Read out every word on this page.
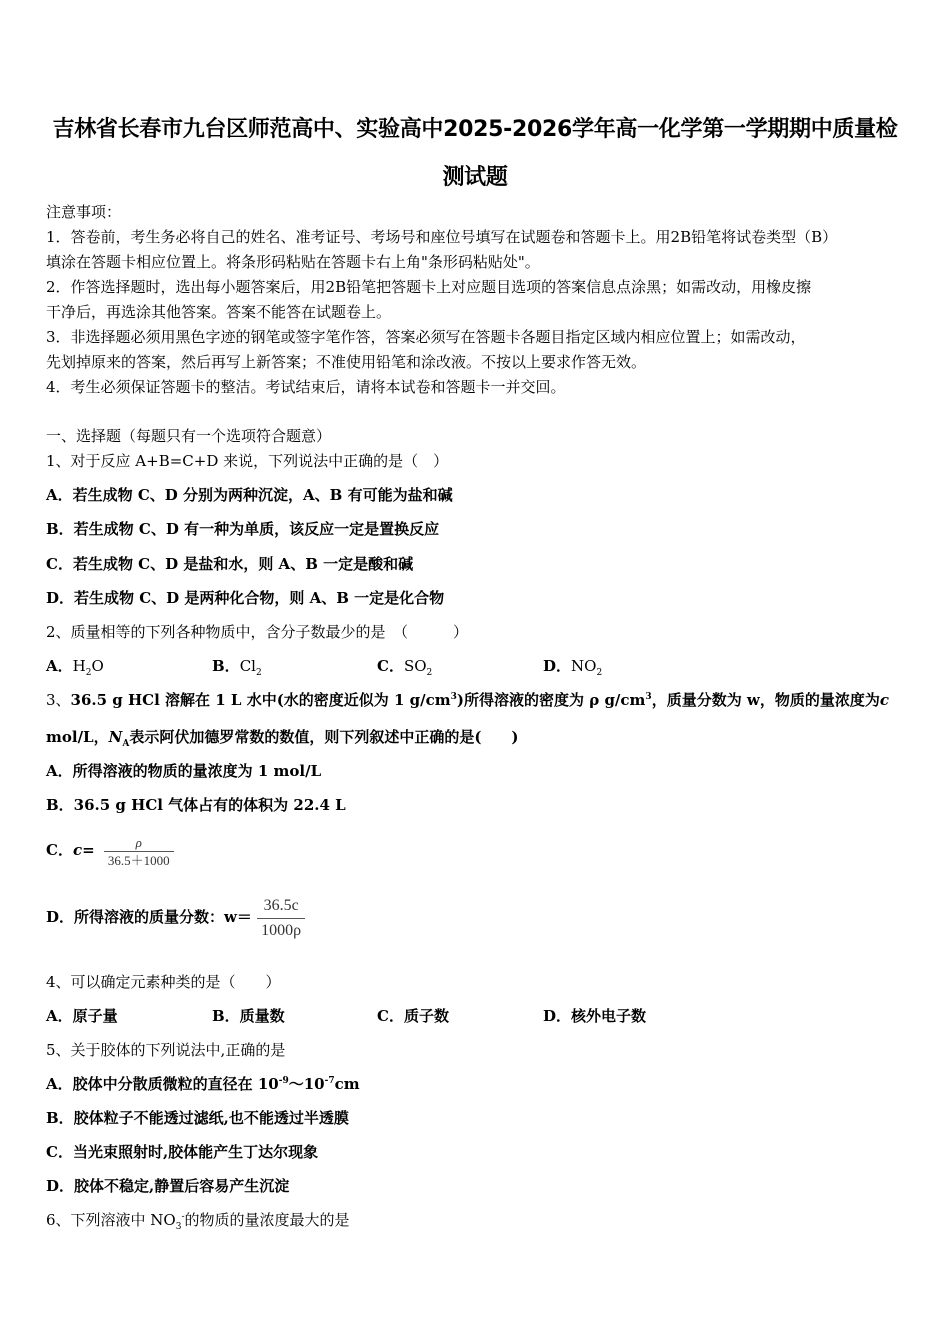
吉林省长春市九台区师范高中、实验高中2025-2026学年高一化学第一学期期中质量检
测试题
注意事项：
1．答卷前，考生务必将自己的姓名、准考证号、考场号和座位号填写在试题卷和答题卡上。用2B铅笔将试卷类型（B）
填涂在答题卡相应位置上。将条形码粘贴在答题卡右上角"条形码粘贴处"。
2．作答选择题时，选出每小题答案后，用2B铅笔把答题卡上对应题目选项的答案信息点涂黑；如需改动，用橡皮擦
干净后，再选涂其他答案。答案不能答在试题卷上。
3．非选择题必须用黑色字迹的钢笔或签字笔作答，答案必须写在答题卡各题目指定区域内相应位置上；如需改动，
先划掉原来的答案，然后再写上新答案；不准使用铅笔和涂改液。不按以上要求作答无效。
4．考生必须保证答题卡的整洁。考试结束后，请将本试卷和答题卡一并交回。
一、选择题（每题只有一个选项符合题意）
1、对于反应 A+B=C+D 来说，下列说法中正确的是（　）
A．若生成物 C、D 分别为两种沉淀，A、B 有可能为盐和碱
B．若生成物 C、D 有一种为单质，该反应一定是置换反应
C．若生成物 C、D 是盐和水，则 A、B 一定是酸和碱
D．若生成物 C、D 是两种化合物，则 A、B 一定是化合物
2、质量相等的下列各种物质中，含分子数最少的是　（　　　）
A．$H_2O$	B．$Cl_2$	C．$SO_2$	D．$NO_2$
3、36.5 g HCl 溶解在 1 L 水中(水的密度近似为 1 $g/cm^3$)所得溶液的密度为 ρ $g/cm^3$，质量分数为 w，物质的量浓度为c
mol/L，$N_A$表示阿伏加德罗常数的数值，则下列叙述中正确的是(　　)
A．所得溶液的物质的量浓度为 1 mol/L
B．36.5 g HCl 气体占有的体积为 22.4 L
C．$c= \frac{\rho}{36.5+1000}$
D．所得溶液的质量分数：$w= \frac{36.5c}{1000\rho}$
4、可以确定元素种类的是（　　）
A．原子量	B．质量数	C．质子数	D．核外电子数
5、关于胶体的下列说法中,正确的是
A．胶体中分散质微粒的直径在 $10^{-9}\sim 10^{-7}cm$
B．胶体粒子不能透过滤纸,也不能透过半透膜
C．当光束照射时,胶体能产生丁达尔现象
D．胶体不稳定,静置后容易产生沉淀
6、下列溶液中 $NO_3^-$的物质的量浓度最大的是
